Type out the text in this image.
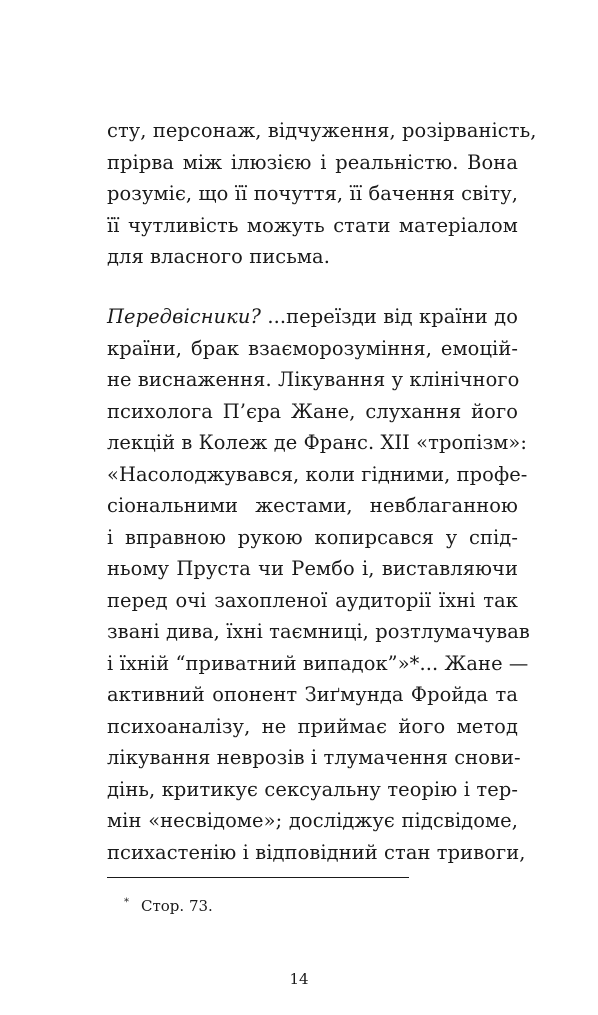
сту, персонаж, відчуження, розірваність,
прірва між ілюзією і реальністю. Вона
розуміє, що її почуття, її бачення світу,
її чутливість можуть стати матеріалом
для власного письма.
Передвісники? ...переїзди від країни до
країни, брак взаєморозуміння, емоцій-
не виснаження. Лікування у клінічного
психолога П’єра Жане, слухання його
лекцій в Колеж де Франс. XII «тропізм»:
«Насолоджувався, коли гідними, профе-
сіональними жестами, невблаганною
і вправною рукою копирсався у спід-
ньому Пруста чи Рембо і, виставляючи
перед очі захопленої аудиторії їхні так
звані дива, їхні таємниці, розтлумачував
і їхній “приватний випадок”»*... Жане —
активний опонент Зиґмунда Фройда та
психоаналізу, не приймає його метод
лікування неврозів і тлумачення снови-
дінь, критикує сексуальну теорію і тер-
мін «несвідоме»; досліджує підсвідоме,
психастенію і відповідний стан тривоги,
* Стор. 73.
14
